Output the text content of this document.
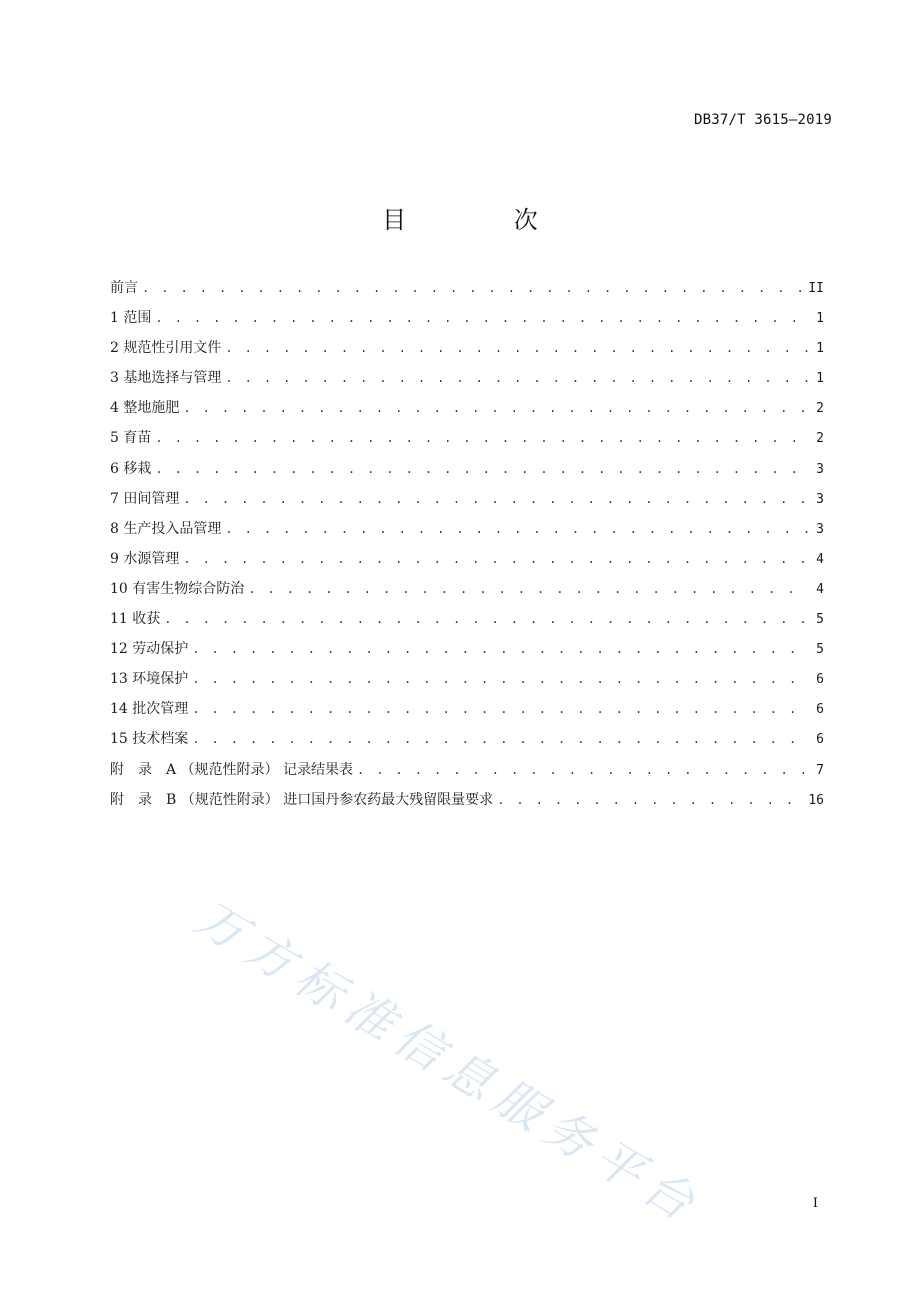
DB37/T 3615—2019
目 次
前言 . . .	II
1 范围 . . .	1
2 规范性引用文件 . . .	1
3 基地选择与管理 . . .	1
4 整地施肥 . . .	2
5 育苗 . . .	2
6 移栽 . . .	3
7 田间管理 . . .	3
8 生产投入品管理 . . .	3
9 水源管理 . . .	4
10 有害生物综合防治 . . .	4
11 收获 . . .	5
12 劳动保护 . . .	5
13 环境保护 . . .	6
14 批次管理 . . .	6
15 技术档案 . . .	6
附　录　A （规范性附录） 记录结果表 . . .	7
附　录　B （规范性附录） 进口国丹参农药最大残留限量要求 . . .	16
万方标准信息服务平台	I
